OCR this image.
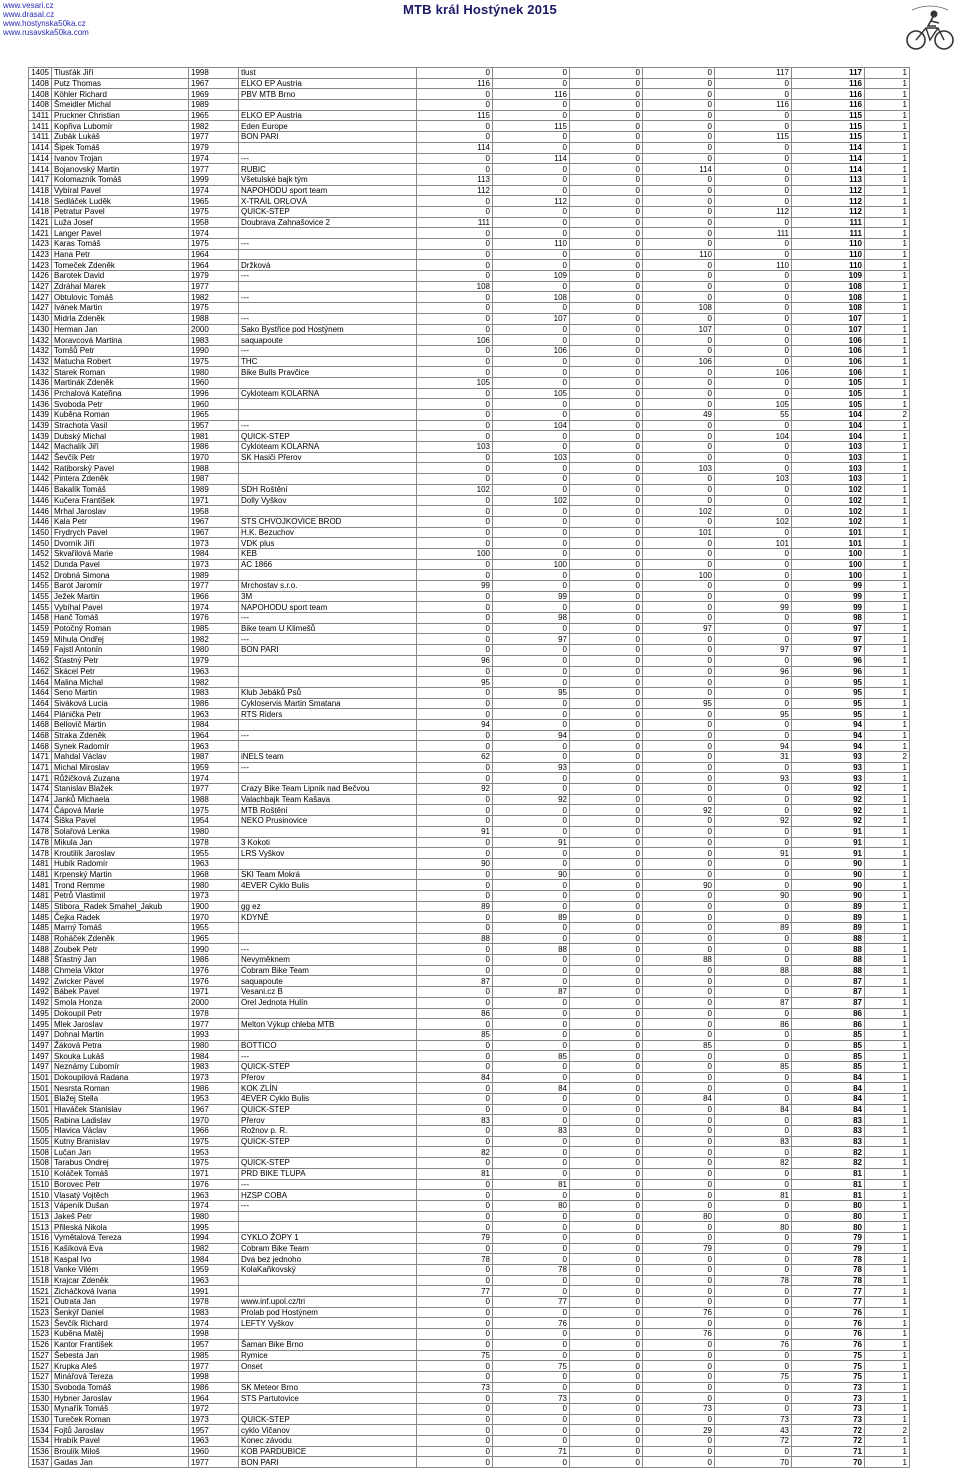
www.vesari.cz
www.drasal.cz
www.hostynska50ka.cz
www.rusavska50ka.com
MTB král Hostýnek 2015
1405	Tlusťák Jiří	1998	tlust	0	0	0	0	117	117	1
1408	Putz Thomas	1967	ELKO EP Austria	116	0	0	0	0	116	1
1408	Köhler Richard	1969	PBV MTB Brno	0	116	0	0	0	116	1
1408	Šmeidler Michal	1989		0	0	0	0	116	116	1
1411	Pruckner Christian	1965	ELKO EP Austria	115	0	0	0	0	115	1
1411	Kopřiva Lubomír	1982	Eden Europe	0	115	0	0	0	115	1
1411	Zubák Lukáš	1977	BON PARI	0	0	0	0	115	115	1
1414	Šipek Tomáš	1979		114	0	0	0	0	114	1
1414	Ivanov Trojan	1974	---	0	114	0	0	0	114	1
1414	Bojanovský Martin	1977	RUBIC	0	0	0	114	0	114	1
1417	Kolomazník Tomáš	1999	Všetulské bajk tým	113	0	0	0	0	113	1
1418	Vybíral Pavel	1974	NAPOHODU sport team	112	0	0	0	0	112	1
1418	Sedláček Luděk	1965	X-TRAIL ORLOVÁ	0	112	0	0	0	112	1
1418	Petratur Pavel	1975	QUICK-STEP	0	0	0	0	112	112	1
1421	Luža Josef	1958	Doubrava Zahnašovice 2	111	0	0	0	0	111	1
1421	Langer Pavel	1974		0	0	0	0	111	111	1
1423	Karas Tomáš	1975	---	0	110	0	0	0	110	1
1423	Hana Petr	1964		0	0	0	110	0	110	1
1423	Tomeček Zdeněk	1964	Držková	0	0	0	0	110	110	1
1426	Barotek David	1979	---	0	109	0	0	0	109	1
1427	Zdráhal Marek	1977		108	0	0	0	0	108	1
1427	Obtulovic Tomáš	1982	---	0	108	0	0	0	108	1
1427	Ivánek Martin	1975		0	0	0	108	0	108	1
1430	Midrla Zdeněk	1988	---	0	107	0	0	0	107	1
1430	Herman Jan	2000	Sako Bystřice pod Hostýnem	0	0	0	107	0	107	1
1432	Moravcová Martina	1983	saquapoute	106	0	0	0	0	106	1
1432	Tomšů Petr	1990	---	0	106	0	0	0	106	1
1432	Matucha Robert	1975	THC	0	0	0	106	0	106	1
1432	Starek Roman	1980	Bike Bulls Pravčice	0	0	0	0	106	106	1
1436	Martinák Zdeněk	1960		105	0	0	0	0	105	1
1436	Prchalová Kateřina	1996	Cykloteam KOLARNA	0	105	0	0	0	105	1
1436	Svoboda Petr	1960		0	0	0	0	105	105	1
1439	Kuběna Roman	1965		0	0	0	49	55	104	2
1439	Strachota Vasil	1957	---	0	104	0	0	0	104	1
1439	Dubský Michal	1981	QUICK-STEP	0	0	0	0	104	104	1
1442	Machalík Jiří	1986	Cykloteam KOLARNA	103	0	0	0	0	103	1
1442	Ševčík Petr	1970	SK Hasiči Přerov	0	103	0	0	0	103	1
1442	Ratiborský Pavel	1988		0	0	0	103	0	103	1
1442	Pintera Zdeněk	1987		0	0	0	0	103	103	1
1446	Bakalík Tomáš	1989	SDH Roštění	102	0	0	0	0	102	1
1446	Kučera František	1971	Dolly Vyškov	0	102	0	0	0	102	1
1446	Mrhal Jaroslav	1958		0	0	0	102	0	102	1
1446	Kala Petr	1967	STS CHVOJKOVICE BROD	0	0	0	0	102	102	1
1450	Frydrych Pavel	1967	H.K. Bezuchov	0	0	0	101	0	101	1
1450	Dvorník Jiří	1973	VDK plus	0	0	0	0	101	101	1
1452	Skvařilová Marie	1984	KEB	100	0	0	0	0	100	1
1452	Dunda Pavel	1973	AC 1866	0	100	0	0	0	100	1
1452	Drobná Simona	1989		0	0	0	100	0	100	1
1455	Barot Jaromír	1977	Mrchostav s.r.o.	99	0	0	0	0	99	1
1455	Ježek Martin	1966	3M	0	99	0	0	0	99	1
1455	Vybíhal Pavel	1974	NAPOHODU sport team	0	0	0	0	99	99	1
1458	Hanč Tomáš	1976	---	0	98	0	0	0	98	1
1459	Potočný Roman	1985	Bike team U Klimešů	0	0	0	97	0	97	1
1459	Mihula Ondřej	1982	---	0	97	0	0	0	97	1
1459	Fajstl Antonín	1980	BON PARI	0	0	0	0	97	97	1
1462	Šťastný Petr	1979		96	0	0	0	0	96	1
1462	Skácel Petr	1963		0	0	0	0	96	96	1
1464	Malina Michal	1982		95	0	0	0	0	95	1
1464	Seno Martin	1983	Klub Jebáků Psů	0	95	0	0	0	95	1
1464	Siváková Lucia	1986	Cykloservis Martin Smatana	0	0	0	95	0	95	1
1464	Plánička Petr	1963	RTS Riders	0	0	0	0	95	95	1
1468	Bellovič Martin	1984		94	0	0	0	0	94	1
1468	Straka Zdeněk	1964	---	0	94	0	0	0	94	1
1468	Synek Radomír	1963		0	0	0	0	94	94	1
1471	Mahdal Václav	1987	iNELS team	62	0	0	0	31	93	2
1471	Michal Miroslav	1959	---	0	93	0	0	0	93	1
1471	Růžičková Zuzana	1974		0	0	0	0	93	93	1
1474	Stanislav Blažek	1977	Crazy Bike Team Lipník nad Bečvou	92	0	0	0	0	92	1
1474	Janků Michaela	1988	Valachbajk Team Kašava	0	92	0	0	0	92	1
1474	Čápová Marie	1975	MTB Roštění	0	0	0	92	0	92	1
1474	Šiška Pavel	1954	NEKO Prusinovice	0	0	0	0	92	92	1
1478	Solařová Lenka	1980		91	0	0	0	0	91	1
1478	Mikula Jan	1978	3 Kokoti	0	91	0	0	0	91	1
1478	Kroutilík Jaroslav	1955	LRS Vyškov	0	0	0	0	91	91	1
1481	Hubík Radomír	1963		90	0	0	0	0	90	1
1481	Krpenský Martin	1968	SKI Team Mokrá	0	90	0	0	0	90	1
1481	Trond Remme	1980	4EVER Cyklo Bulis	0	0	0	90	0	90	1
1481	Petrů Vlastimil	1973		0	0	0	0	90	90	1
1485	Stibora_Radek Smahel_Jakub	1900	gg ez	89	0	0	0	0	89	1
1485	Čejka Radek	1970	KDYNĚ	0	89	0	0	0	89	1
1485	Marný Tomáš	1955		0	0	0	0	89	89	1
1488	Roháček Zdeněk	1965		88	0	0	0	0	88	1
1488	Zoubek Petr	1990	---	0	88	0	0	0	88	1
1488	Šťastný Jan	1986	Nevyměknem	0	0	0	88	0	88	1
1488	Chmela Viktor	1976	Cobram Bike Team	0	0	0	0	88	88	1
1492	Zwicker Pavel	1976	saquapoute	87	0	0	0	0	87	1
1492	Bábek Pavel	1971	Vesani.cz B	0	87	0	0	0	87	1
1492	Smola Honza	2000	Orel Jednota Hulín	0	0	0	0	87	87	1
1495	Dokoupil Petr	1978		86	0	0	0	0	86	1
1495	Mlek Jaroslav	1977	Melton Výkup chleba MTB	0	0	0	0	86	86	1
1497	Dohnal Martin	1993		85	0	0	0	0	85	1
1497	Žáková Petra	1980	BOTTICO	0	0	0	85	0	85	1
1497	Skouka Lukáš	1984	---	0	85	0	0	0	85	1
1497	Neznámy Ľubomír	1983	QUICK-STEP	0	0	0	0	85	85	1
1501	Dokoupilová Radana	1973	Přerov	84	0	0	0	0	84	1
1501	Nesrsta Roman	1986	KOK ZLÍN	0	84	0	0	0	84	1
1501	Blažej Stella	1953	4EVER Cyklo Bulis	0	0	0	84	0	84	1
1501	Hlaváček Stanislav	1967	QUICK-STEP	0	0	0	0	84	84	1
1505	Rabina Ladislav	1970	Přerov	83	0	0	0	0	83	1
1505	Hlavica Václav	1966	Rožnov p. R.	0	83	0	0	0	83	1
1505	Kutny Branislav	1975	QUICK-STEP	0	0	0	0	83	83	1
1508	Lučan Jan	1953		82	0	0	0	0	82	1
1508	Tarabus Ondrej	1975	QUICK-STEP	0	0	0	0	82	82	1
1510	Koláček Tomáš	1971	PRD BIKE TLUPA	81	0	0	0	0	81	1
1510	Borovec Petr	1976	---	0	81	0	0	0	81	1
1510	Vlasatý Vojtěch	1963	HZSP COBA	0	0	0	0	81	81	1
1513	Vápeník Dušan	1974	---	0	80	0	0	0	80	1
1513	Jakeš Petr	1980		0	0	0	80	0	80	1
1513	Přileská Nikola	1995		0	0	0	0	80	80	1
1516	Vymětalová Tereza	1994	CYKLO ŽOPY 1	79	0	0	0	0	79	1
1516	Kašíková Eva	1982	Cobram Bike Team	0	0	0	79	0	79	1
1518	Kaspal Ivo	1984	Dva bez jednoho	78	0	0	0	0	78	1
1518	Vanke Vilém	1959	KolaKaňkovský	0	78	0	0	0	78	1
1518	Krajcar Zdeněk	1963		0	0	0	0	78	78	1
1521	Zicháčková Ivana	1991		77	0	0	0	0	77	1
1521	Outrata Jan	1978	www.inf.upol.cz/tri	0	77	0	0	0	77	1
1523	Šenkýř Daniel	1983	Prolab pod Hostýnem	0	0	0	76	0	76	1
1523	Ševčík Richard	1974	LEFTY Vyškov	0	76	0	0	0	76	1
1523	Kuběna Matěj	1998		0	0	0	76	0	76	1
1526	Kantor František	1957	Šaman Bike Brno	0	0	0	0	76	76	1
1527	Šebesta Jan	1985	Rymice	75	0	0	0	0	75	1
1527	Krupka Aleš	1977	Onset	0	75	0	0	0	75	1
1527	Minářová Tereza	1998		0	0	0	0	75	75	1
1530	Svoboda Tomáš	1986	SK Meteor Brno	73	0	0	0	0	73	1
1530	Hybner Jaroslav	1964	STS Partutovice	0	73	0	0	0	73	1
1530	Mynařík Tomáš	1972		0	0	0	73	0	73	1
1530	Tureček Roman	1973	QUICK-STEP	0	0	0	0	73	73	1
1534	Fojtů Jaroslav	1957	cyklo Vičanov	0	0	0	29	43	72	2
1534	Hrabík Pavel	1963	Konec závodu	0	0	0	0	72	72	1
1536	Broulík Miloš	1960	KOB PARDUBICE	0	71	0	0	0	71	1
1537	Gadas Jan	1977	BON PARI	0	0	0	0	70	70	1
